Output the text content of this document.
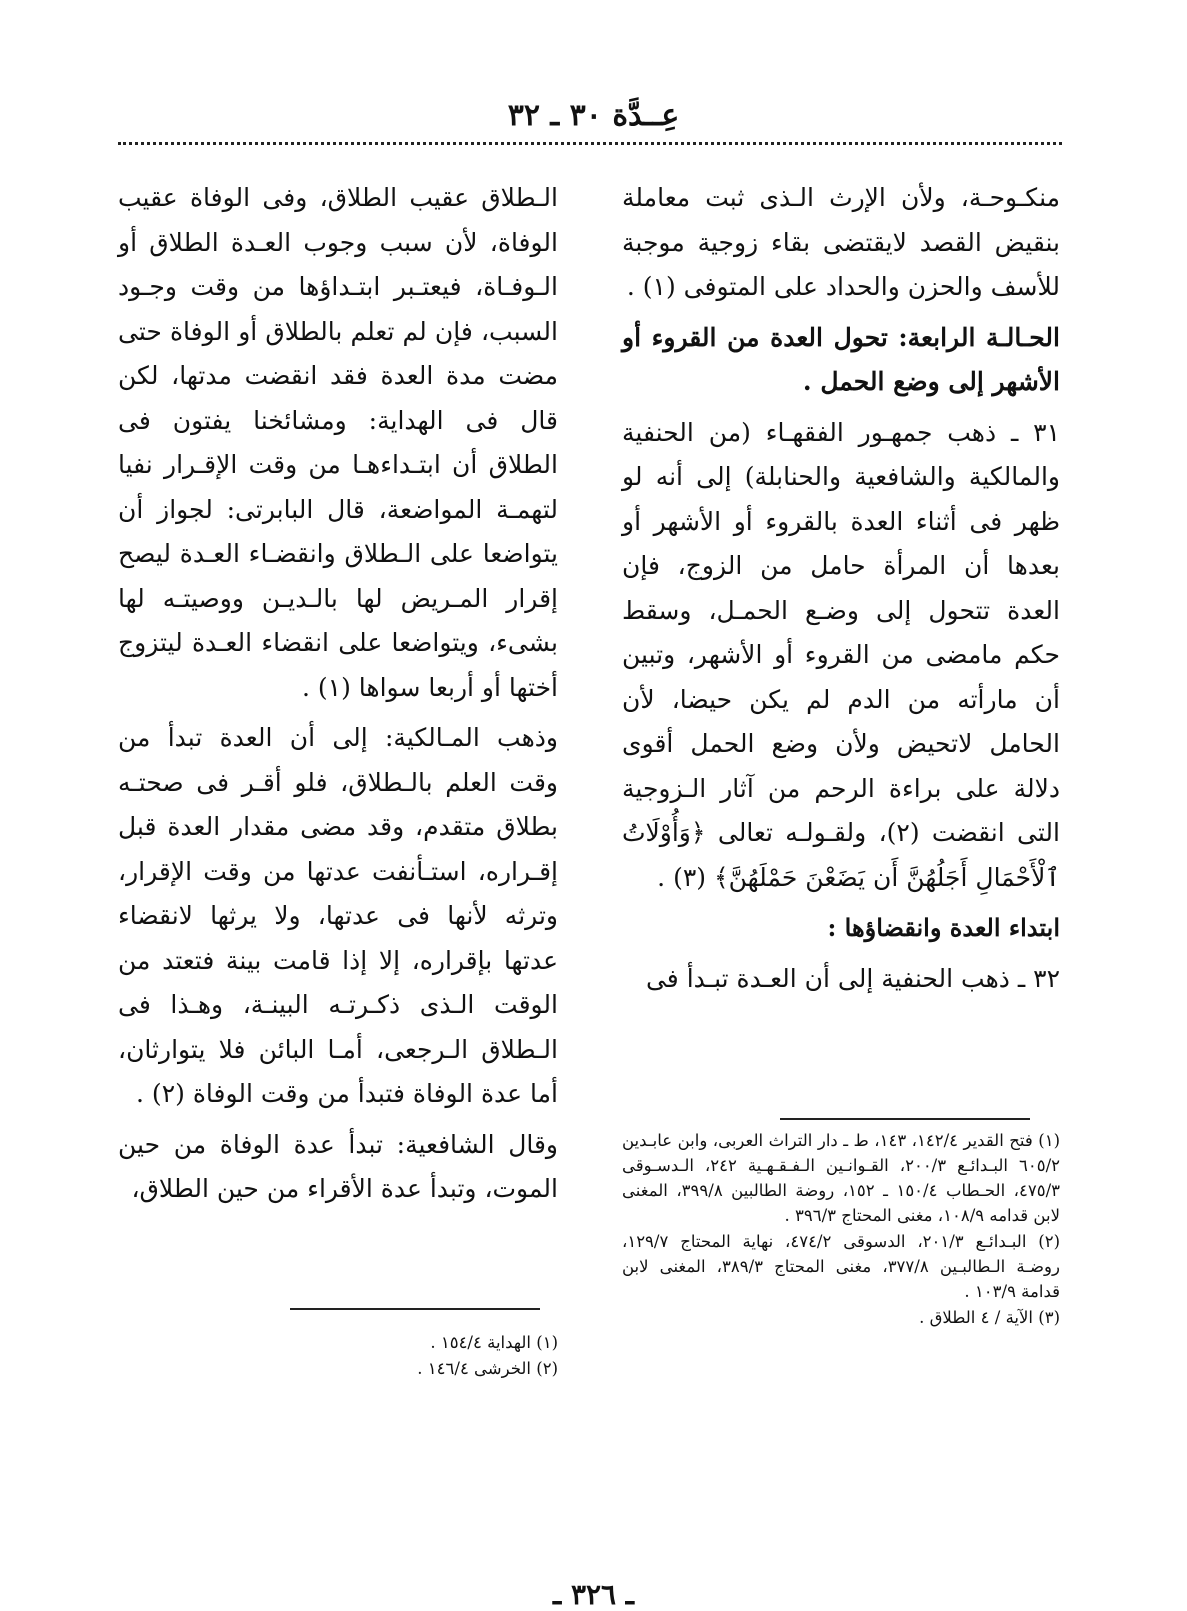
عِــدَّة ٣٠ ـ ٣٢

منكـوحـة، ولأن الإرث الـذى ثبت معاملة بنقيض القصد لايقتضى بقاء زوجية موجبة للأسف والحزن والحداد على المتوفى (١) .

الحـالـة الرابعة: تحول العدة من القروء أو الأشهر إلى وضع الحمل .

٣١ ـ ذهب جمهـور الفقهـاء (من الحنفية والمالكية والشافعية والحنابلة) إلى أنه لو ظهر فى أثناء العدة بالقروء أو الأشهر أو بعدها أن المرأة حامل من الزوج، فإن العدة تتحول إلى وضـع الحمـل، وسقط حكم مامضى من القروء أو الأشهر، وتبين أن مارأته من الدم لم يكن حيضا، لأن الحامل لاتحيض ولأن وضع الحمل أقوى دلالة على براءة الرحم من آثار الـزوجية التى انقضت (٢)، ولقـولـه تعالى ﴿وَأُوْلَاتُ ٱلْأَحْمَالِ أَجَلُهُنَّ أَن يَضَعْنَ حَمْلَهُنَّ﴾ (٣) .

ابتداء العدة وانقضاؤها :

٣٢ ـ ذهب الحنفية إلى أن العـدة تبـدأ فى

الـطلاق عقيب الطلاق، وفى الوفاة عقيب الوفاة، لأن سبب وجوب العـدة الطلاق أو الـوفـاة، فيعتـبر ابتـداؤها من وقت وجـود السبب، فإن لم تعلم بالطلاق أو الوفاة حتى مضت مدة العدة فقد انقضت مدتها، لكن قال فى الهداية: ومشائخنا يفتون فى الطلاق أن ابتـداءهـا من وقت الإقـرار نفيا لتهمـة المواضعة، قال البابرتى: لجواز أن يتواضعا على الـطلاق وانقضـاء العـدة ليصح إقرار المـريض لها بالـديـن ووصيتـه لها بشىء، ويتواضعا على انقضاء العـدة ليتزوج أختها أو أربعا سواها (١) .

وذهب المـالكية: إلى أن العدة تبدأ من وقت العلم بالـطلاق، فلو أقـر فى صحتـه بطلاق متقدم، وقد مضى مقدار العدة قبل إقـراره، استـأنفت عدتها من وقت الإقرار، وترثه لأنها فى عدتها، ولا يرثها لانقضاء عدتها بإقراره، إلا إذا قامت بينة فتعتد من الوقت الـذى ذكـرتـه البينـة، وهـذا فى الـطلاق الـرجعى، أمـا البائن فلا يتوارثان، أما عدة الوفاة فتبدأ من وقت الوفاة (٢) .

وقال الشافعية: تبدأ عدة الوفاة من حين الموت، وتبدأ عدة الأقراء من حين الطلاق،

(١) فتح القدير ١٤٢/٤، ١٤٣، ط ـ دار التراث العربى، وابن عابـدين ٦٠٥/٢ البـدائـع ٢٠٠/٣، القـوانـين الـفـقـهـية ٢٤٢، الـدسـوقى ٤٧٥/٣، الحـطاب ١٥٠/٤ ـ ١٥٢، روضة الطالبين ٣٩٩/٨، المغنى لابن قدامه ١٠٨/٩، مغنى المحتاج ٣٩٦/٣ .

(٢) البـدائـع ٢٠١/٣، الدسوقى ٤٧٤/٢، نهاية المحتاج ١٢٩/٧، روضـة الـطالبـين ٣٧٧/٨، مغنى المحتاج ٣٨٩/٣، المغنى لابن قدامة ١٠٣/٩ .

(٣) الآية / ٤ الطلاق .

(١) الهداية ١٥٤/٤ .

(٢) الخرشى ١٤٦/٤ .

ـ ٣٢٦ ـ
